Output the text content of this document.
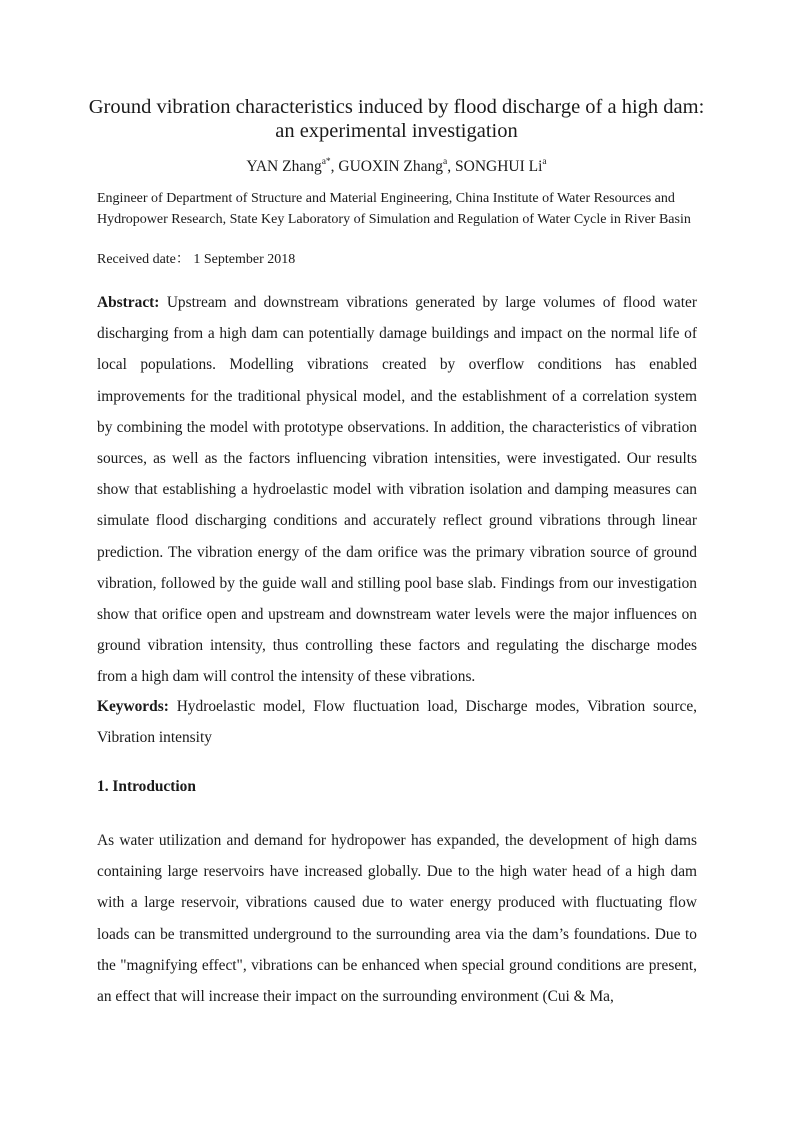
Ground vibration characteristics induced by flood discharge of a high dam:
an experimental investigation
YAN Zhang$^{a*}$, GUOXIN Zhang$^a$, SONGHUI Li$^a$
Engineer of Department of Structure and Material Engineering, China Institute of Water Resources and Hydropower Research, State Key Laboratory of Simulation and Regulation of Water Cycle in River Basin
Received date： 1 September 2018

Abstract: Upstream and downstream vibrations generated by large volumes of flood water discharging from a high dam can potentially damage buildings and impact on the normal life of local populations. Modelling vibrations created by overflow conditions has enabled improvements for the traditional physical model, and the establishment of a correlation system by combining the model with prototype observations. In addition, the characteristics of vibration sources, as well as the factors influencing vibration intensities, were investigated. Our results show that establishing a hydroelastic model with vibration isolation and damping measures can simulate flood discharging conditions and accurately reflect ground vibrations through linear prediction. The vibration energy of the dam orifice was the primary vibration source of ground vibration, followed by the guide wall and stilling pool base slab. Findings from our investigation show that orifice open and upstream and downstream water levels were the major influences on ground vibration intensity, thus controlling these factors and regulating the discharge modes from a high dam will control the intensity of these vibrations.

Keywords: Hydroelastic model, Flow fluctuation load, Discharge modes, Vibration source, Vibration intensity

1. Introduction

As water utilization and demand for hydropower has expanded, the development of high dams containing large reservoirs have increased globally. Due to the high water head of a high dam with a large reservoir, vibrations caused due to water energy produced with fluctuating flow loads can be transmitted underground to the surrounding area via the dam’s foundations. Due to the "magnifying effect", vibrations can be enhanced when special ground conditions are present, an effect that will increase their impact on the surrounding environment (Cui & Ma,
